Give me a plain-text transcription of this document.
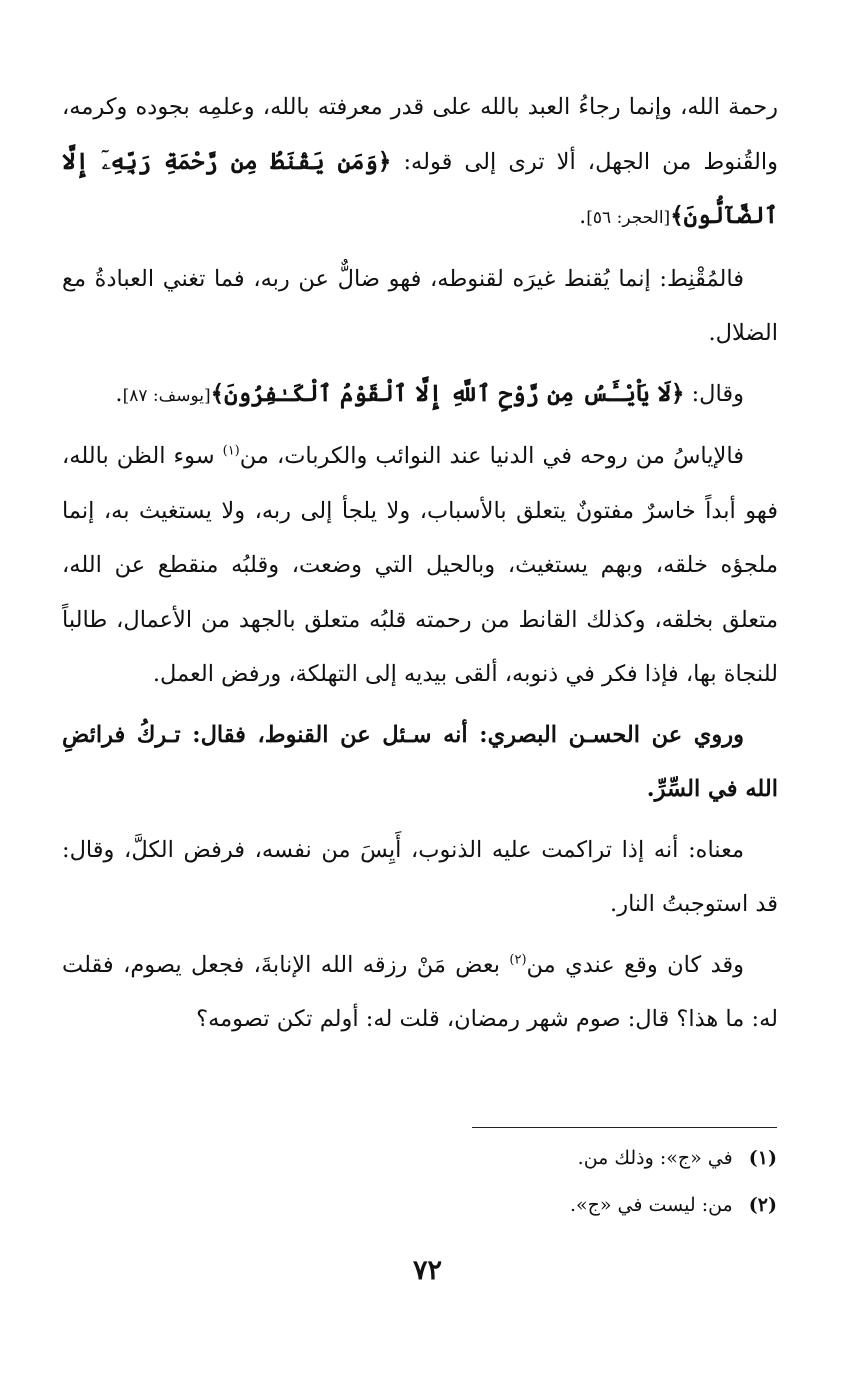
رحمة الله، وإنما رجاءُ العبد بالله على قدر معرفته بالله، وعلمِه بجوده وكرمه، والقُنوط من الجهل، ألا ترى إلى قوله: ﴿وَمَن يَقْنَطُ مِن رَّحْمَةِ رَبِّهِۦٓ إِلَّا ٱلضَّآلُّونَ﴾[الحجر: ٥٦].

فالمُقْنِط: إنما يُقنط غيرَه لقنوطه، فهو ضالٌّ عن ربه، فما تغني العبادةُ مع الضلال.

وقال: ﴿لَا يَاْيْـَٔسُ مِن رَّوْحِ ٱللَّهِ إِلَّا ٱلْقَوْمُ ٱلْكَـٰفِرُونَ﴾[يوسف: ٨٧].

فالإياسُ من روحه في الدنيا عند النوائب والكربات، من$^{(١)}$ سوء الظن بالله، فهو أبداً خاسرٌ مفتونٌ يتعلق بالأسباب، ولا يلجأ إلى ربه، ولا يستغيث به، إنما ملجؤه خلقه، وبهم يستغيث، وبالحيل التي وضعت، وقلبُه منقطع عن الله، متعلق بخلقه، وكذلك القانط من رحمته قلبُه متعلق بالجهد من الأعمال، طالباً للنجاة بها، فإذا فكر في ذنوبه، ألقى بيديه إلى التهلكة، ورفض العمل.

وروي عن الحسـن البصري: أنه سـئل عن القنوط، فقال: تـركُ فرائضِ الله في السِّرِّ.

معناه: أنه إذا تراكمت عليه الذنوب، أَيِسَ من نفسه، فرفض الكلَّ، وقال: قد استوجبتُ النار.

وقد كان وقع عندي من$^{(٢)}$ بعض مَنْ رزقه الله الإنابةَ، فجعل يصوم، فقلت له: ما هذا؟ قال: صوم شهر رمضان، قلت له: أولم تكن تصومه؟

(١) في «ج»: وذلك من.

(٢) من: ليست في «ج».

٧٢
